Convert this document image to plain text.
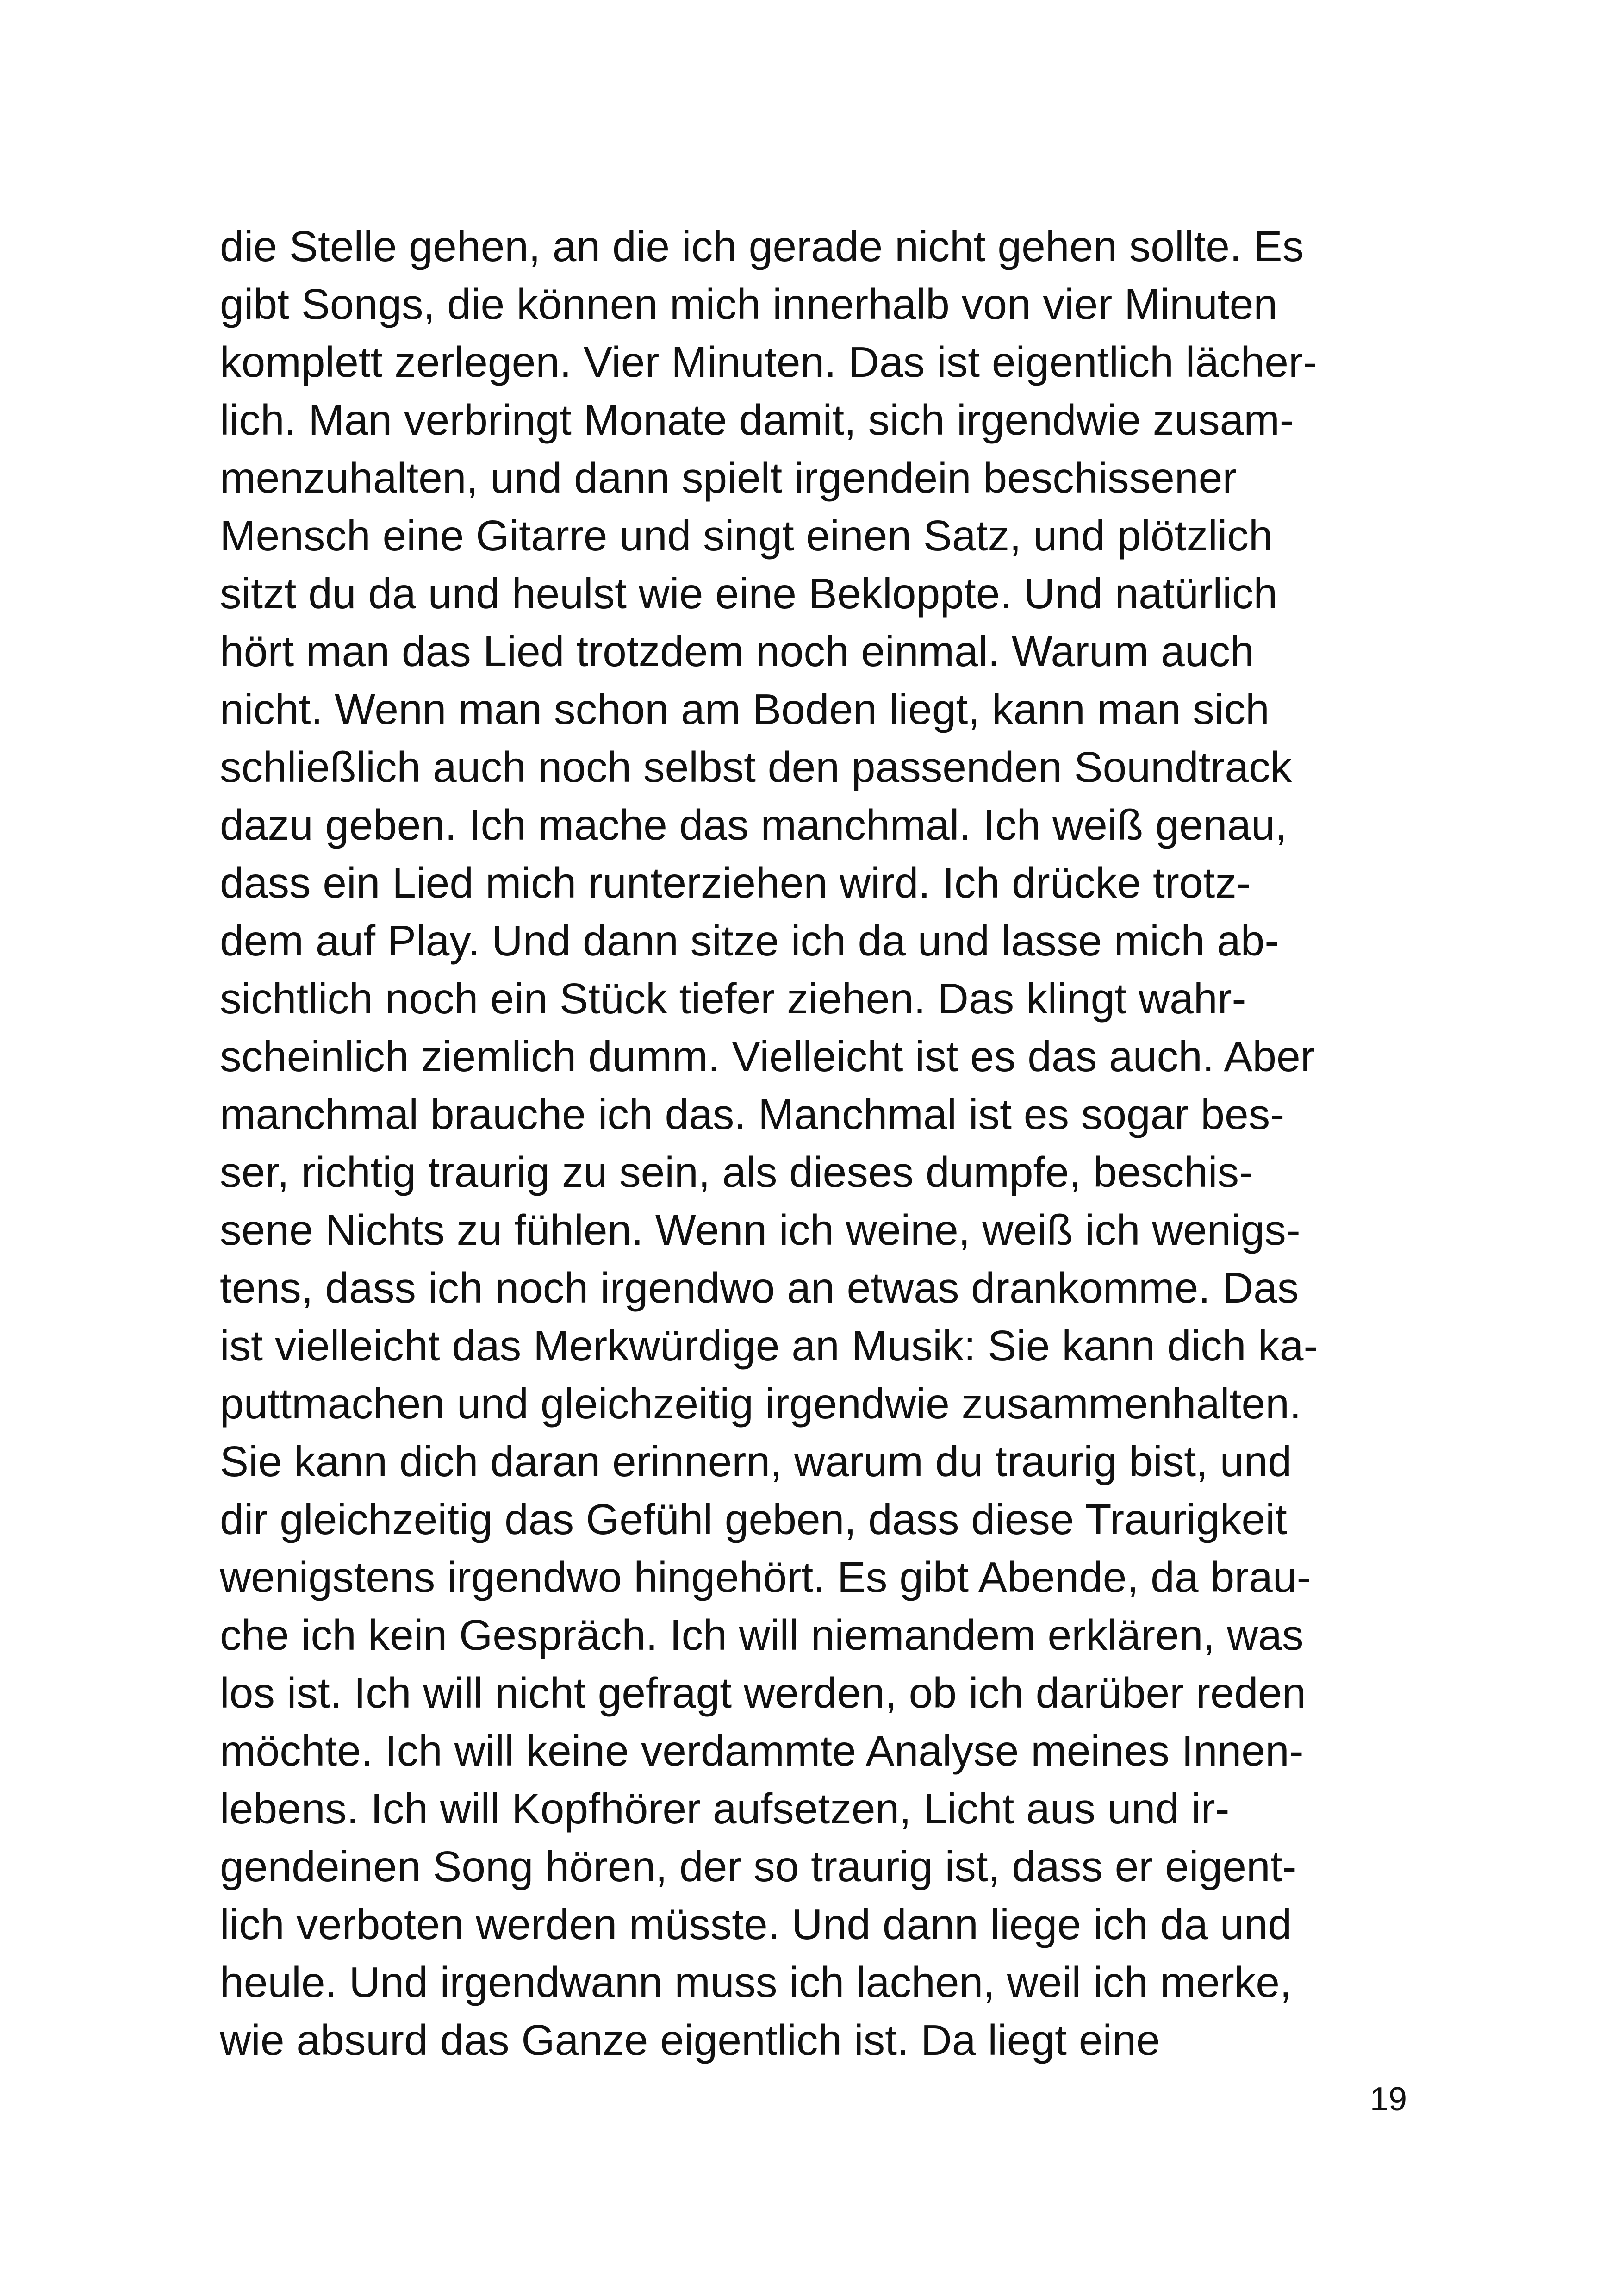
die Stelle gehen, an die ich gerade nicht gehen sollte. Es
gibt Songs, die können mich innerhalb von vier Minuten
komplett zerlegen. Vier Minuten. Das ist eigentlich lächer-
lich. Man verbringt Monate damit, sich irgendwie zusam-
menzuhalten, und dann spielt irgendein beschissener
Mensch eine Gitarre und singt einen Satz, und plötzlich
sitzt du da und heulst wie eine Bekloppte. Und natürlich
hört man das Lied trotzdem noch einmal. Warum auch
nicht. Wenn man schon am Boden liegt, kann man sich
schließlich auch noch selbst den passenden Soundtrack
dazu geben. Ich mache das manchmal. Ich weiß genau,
dass ein Lied mich runterziehen wird. Ich drücke trotz-
dem auf Play. Und dann sitze ich da und lasse mich ab-
sichtlich noch ein Stück tiefer ziehen. Das klingt wahr-
scheinlich ziemlich dumm. Vielleicht ist es das auch. Aber
manchmal brauche ich das. Manchmal ist es sogar bes-
ser, richtig traurig zu sein, als dieses dumpfe, beschis-
sene Nichts zu fühlen. Wenn ich weine, weiß ich wenigs-
tens, dass ich noch irgendwo an etwas drankomme. Das
ist vielleicht das Merkwürdige an Musik: Sie kann dich ka-
puttmachen und gleichzeitig irgendwie zusammenhalten.
Sie kann dich daran erinnern, warum du traurig bist, und
dir gleichzeitig das Gefühl geben, dass diese Traurigkeit
wenigstens irgendwo hingehört. Es gibt Abende, da brau-
che ich kein Gespräch. Ich will niemandem erklären, was
los ist. Ich will nicht gefragt werden, ob ich darüber reden
möchte. Ich will keine verdammte Analyse meines Innen-
lebens. Ich will Kopfhörer aufsetzen, Licht aus und ir-
gendeinen Song hören, der so traurig ist, dass er eigent-
lich verboten werden müsste. Und dann liege ich da und
heule. Und irgendwann muss ich lachen, weil ich merke,
wie absurd das Ganze eigentlich ist. Da liegt eine
19
